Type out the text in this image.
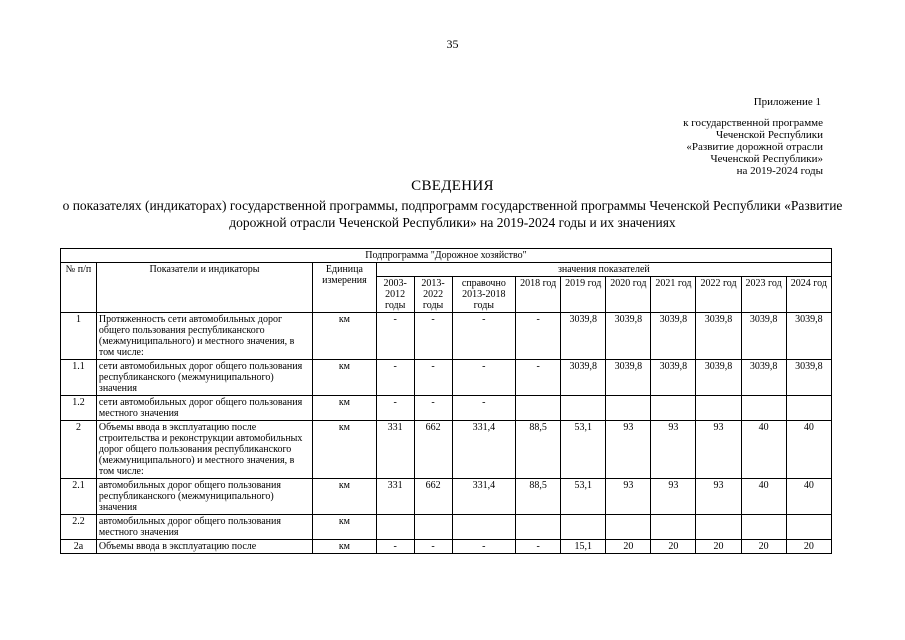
35
Приложение 1
к государственной программе
Чеченской Республики
«Развитие дорожной отрасли
Чеченской Республики»
на 2019-2024 годы
СВЕДЕНИЯ
о показателях (индикаторах) государственной программы, подпрограмм государственной программы Чеченской Республики «Развитие дорожной отрасли Чеченской Республики» на 2019-2024 годы и их значениях
Подпрограмма "Дорожное хозяйство"												
№ п/п	Показатели и индикаторы	Единица измерения	значения показателей									
			2003-2012 годы	2013-2022 годы	справочно 2013-2018 годы	2018 год	2019 год	2020 год	2021 год	2022 год	2023 год	2024 год
1	Протяженность сети автомобильных дорог общего пользования республиканского (межмуниципального) и местного значения, в том числе:	км	-	-	-	-	3039,8	3039,8	3039,8	3039,8	3039,8	3039,8
1.1	сети автомобильных дорог общего пользования республиканского (межмуниципального) значения	км	-	-	-	-	3039,8	3039,8	3039,8	3039,8	3039,8	3039,8
1.2	сети автомобильных дорог общего пользования местного значения	км	-	-	-							
2	Объемы ввода в эксплуатацию после строительства и реконструкции автомобильных дорог общего пользования республиканского (межмуниципального) и местного значения, в том числе:	км	331	662	331,4	88,5	53,1	93	93	93	40	40
2.1	автомобильных дорог общего пользования республиканского (межмуниципального) значения	км	331	662	331,4	88,5	53,1	93	93	93	40	40
2.2	автомобильных дорог общего пользования местного значения	км										
2а	Объемы ввода в эксплуатацию после	км	-	-	-	-	15,1	20	20	20	20	20
